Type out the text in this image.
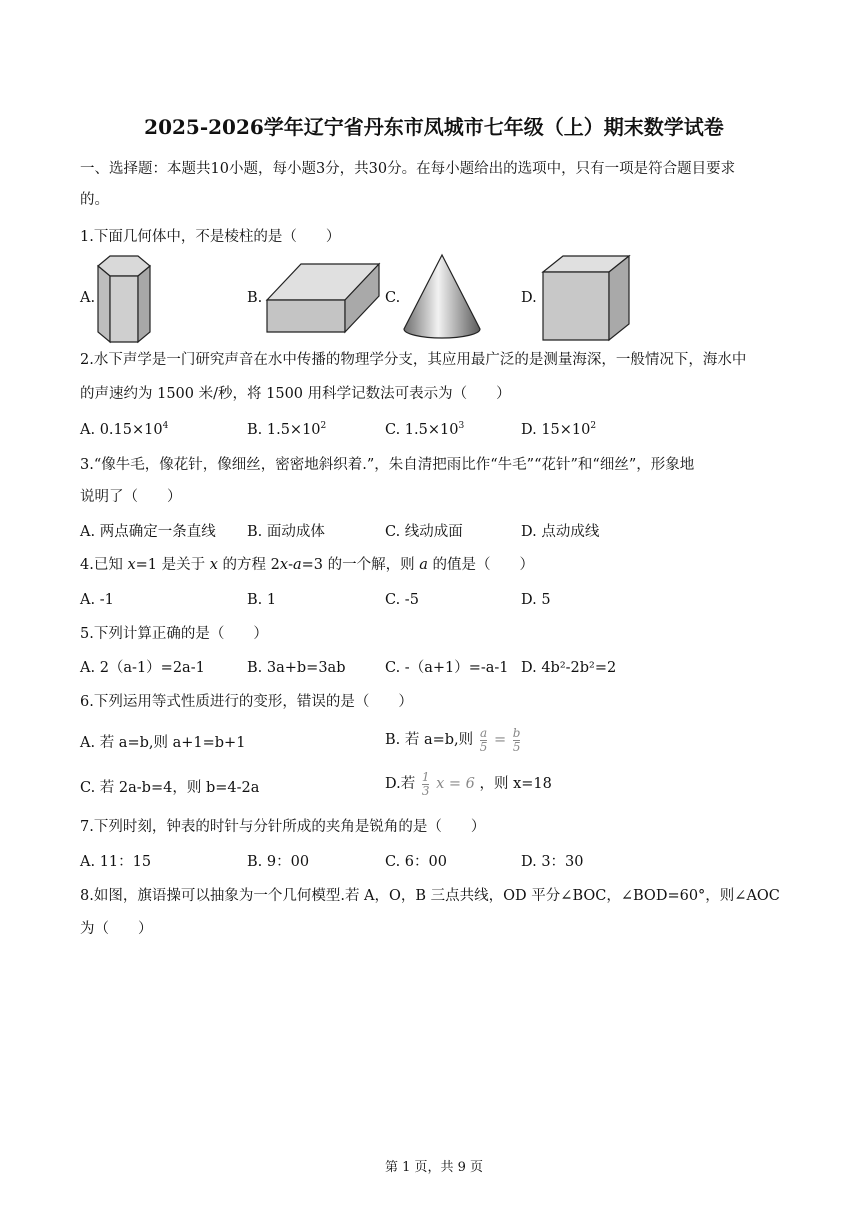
2025-2026学年辽宁省丹东市凤城市七年级（上）期末数学试卷
一、选择题：本题共10小题，每小题3分，共30分。在每小题给出的选项中，只有一项是符合题目要求
的。
1.下面几何体中，不是棱柱的是（　　）
A.	B.	C.	D.
2.水下声学是一门研究声音在水中传播的物理学分支，其应用最广泛的是测量海深，一般情况下，海水中
的声速约为 1500 米/秒，将 1500 用科学记数法可表示为（　　）
A. $0.15\times 10^4$	B. $1.5\times 10^2$	C. $1.5\times 10^3$	D. $15\times 10^2$
3.“像牛毛，像花针，像细丝，密密地斜织着.”，朱自清把雨比作“牛毛”“花针”和“细丝”，形象地
说明了（　　）
A. 两点确定一条直线 B. 面动成体	C. 线动成面	D. 点动成线
4.已知 x=1 是关于 x 的方程 2x-a=3 的一个解，则 a 的值是（　　）
A. -1	B. 1	C. -5	D. 5
5.下列计算正确的是（　　）
A. 2（a-1）=2a-1	B. 3a+b=3ab	C. -（a+1）=-a-1 D. 4b²-2b²=2
6.下列运用等式性质进行的变形，错误的是（　　）
A. 若 a=b,则 a+1=b+1	B. 若 a=b,则 $\frac{a}{5} = \frac{b}{5}$
C. 若 2a-b=4，则 b=4-2a	D.若 $\frac{1}{3}$ x = 6 ，则 x=18
7.下列时刻，钟表的时针与分针所成的夹角是锐角的是（　　）
A. 11：15	B. 9：00	C. 6：00	D. 3：30
8.如图，旗语操可以抽象为一个几何模型.若 A，O，B 三点共线，OD 平分∠BOC，∠BOD=60°，则∠AOC
为（　　）
第 1 页，共 9 页
